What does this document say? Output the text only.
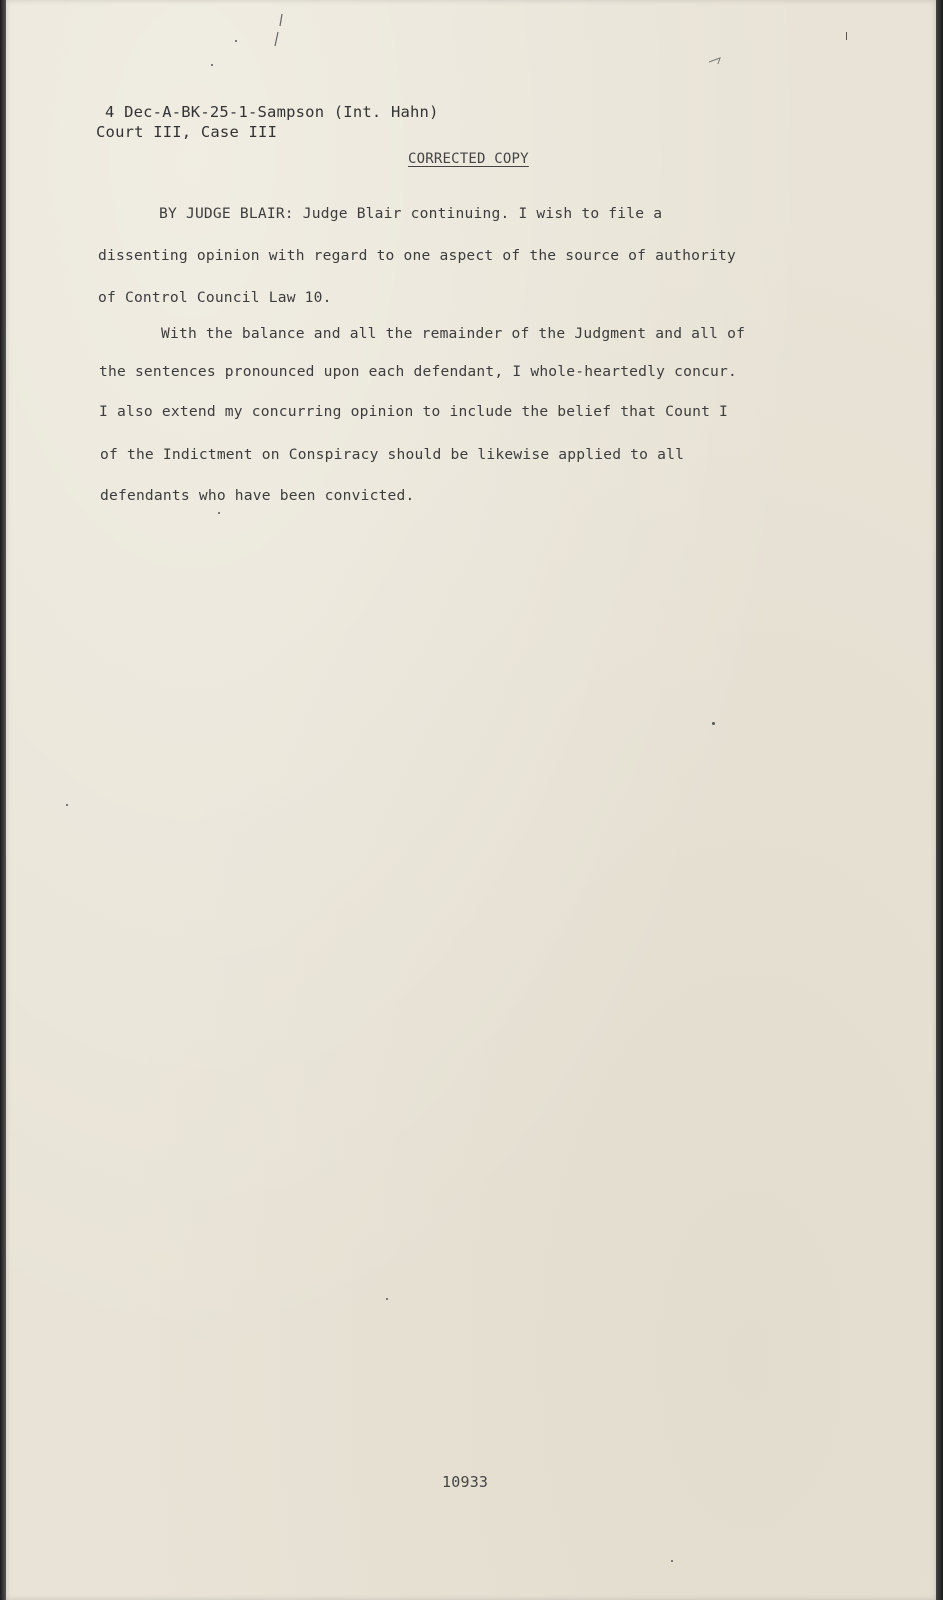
4 Dec-A-BK-25-1-Sampson (Int. Hahn)
Court III, Case III
CORRECTED COPY
BY JUDGE BLAIR: Judge Blair continuing. I wish to file a
dissenting opinion with regard to one aspect of the source of authority
of Control Council Law 10.
With the balance and all the remainder of the Judgment and all of
the sentences pronounced upon each defendant, I whole-heartedly concur.
I also extend my concurring opinion to include the belief that Count I
of the Indictment on Conspiracy should be likewise applied to all
defendants who have been convicted.
10933
